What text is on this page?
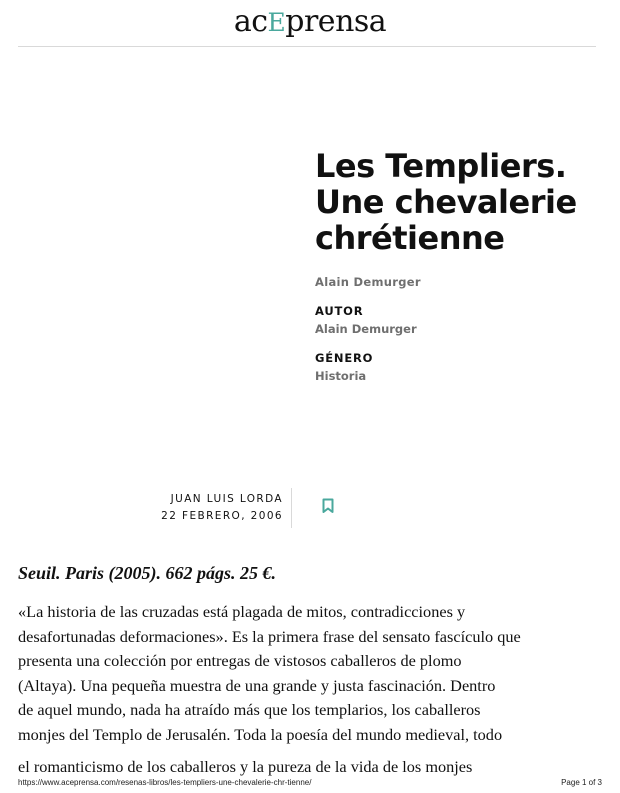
acEprensa
Les Templiers.
Une chevalerie
chrétienne
Alain Demurger
AUTOR
Alain Demurger
GÉNERO
Historia
JUAN LUIS LORDA
22 FEBRERO, 2006

Seuil. Paris (2005). 662 págs. 25 €.

«La historia de las cruzadas está plagada de mitos, contradicciones y
desafortunadas deformaciones». Es la primera frase del sensato fascículo que
presenta una colección por entregas de vistosos caballeros de plomo
(Altaya). Una pequeña muestra de una grande y justa fascinación. Dentro
de aquel mundo, nada ha atraído más que los templarios, los caballeros
monjes del Templo de Jerusalén. Toda la poesía del mundo medieval, todo

el romanticismo de los caballeros y la pureza de la vida de los monjes
https://www.aceprensa.com/resenas-libros/les-templiers-une-chevalerie-chr-tienne/	Page 1 of 3
